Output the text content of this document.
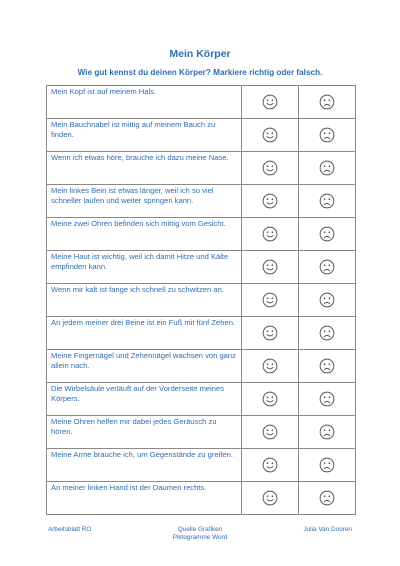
Mein Körper
Wie gut kennst du deinen Körper? Markiere richtig oder falsch.
Mein Kopf ist auf meinem Hals.	

Mein Bauchnabel ist mittig auf meinem Bauch zu finden.	

Wenn ich etwas höre, brauche ich dazu meine Nase.	

Mein linkes Bein ist etwas länger, weil ich so viel schneller laufen und weiter springen kann.	

Meine zwei Ohren befinden sich mittig vom Gesicht.	

Meine Haut ist wichtig, weil ich damit Hitze und Kälte empfinden kann.	

Wenn mir kalt ist fange ich schnell zu schwitzen an.	

An jedem meiner drei Beine ist ein Fuß mit fünf Zehen.	

Meine Fingernägel und Zehennägel wachsen von ganz allein nach.	

Die Wirbelsäule verläuft auf der Vorderseite meines Körpers.	

Meine Ohren helfen mir dabei jedes Geräusch zu hören.	

Meine Arme brauche ich, um Gegenstände zu greifen.	

An meiner linken Hand ist der Daumen rechts.	

Arbeitsblatt RO	Quelle Grafiken
Piktogramme Word
Julia Van Dooren
